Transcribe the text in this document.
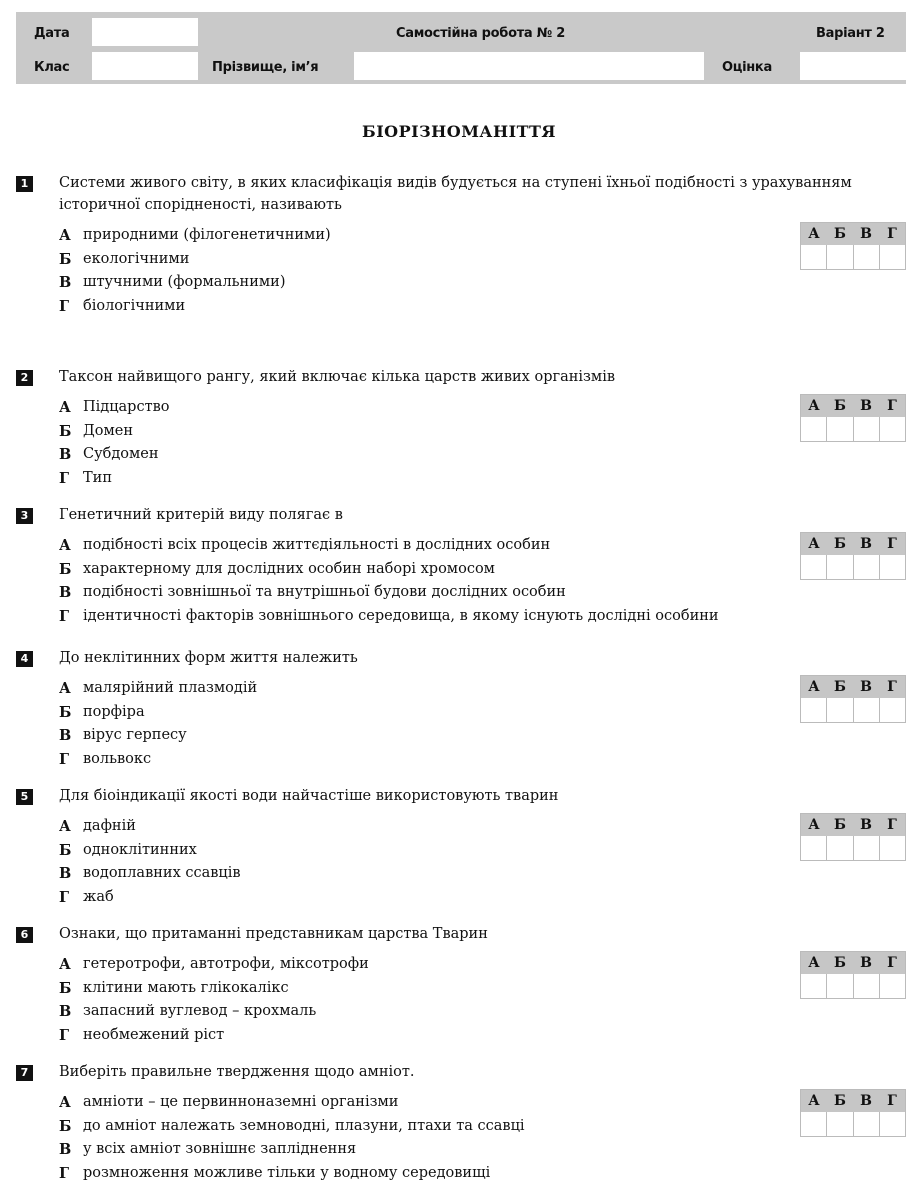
Дата	Самостійна робота № 2	Варіант 2
Клас	Прізвище, ім’я	Оцінка
БІОРІЗНОМАНІТТЯ
1	Системи живого світу, в яких класифікація видів будується на ступені їхньої подібності з урахуванням історичної спорідненості, називають
А природними (філогенетичними)
Б екологічними
В штучними (формальними)
Г біологічними
А	Б	В	Г
2	Таксон найвищого рангу, який включає кілька царств живих організмів
А Підцарство
Б Домен
В Субдомен
Г Тип
А	Б	В	Г
3	Генетичний критерій виду полягає в
А подібності всіх процесів життєдіяльності в дослідних особин
Б характерному для дослідних особин наборі хромосом
В подібності зовнішньої та внутрішньої будови дослідних особин
Г ідентичності факторів зовнішнього середовища, в якому існують дослідні особини
А	Б	В	Г
4	До неклітинних форм життя належить
А малярійний плазмодій
Б порфіра
В вірус герпесу
Г вольвокс
А	Б	В	Г
5	Для біоіндикації якості води найчастіше використовують тварин
А дафній
Б одноклітинних
В водоплавних ссавців
Г жаб
А	Б	В	Г
6	Ознаки, що притаманні представникам царства Тварин
А гетеротрофи, автотрофи, міксотрофи
Б клітини мають глікокалікс
В запасний вуглевод – крохмаль
Г необмежений ріст
А	Б	В	Г
7	Виберіть правильне твердження щодо амніот.
А амніоти – це первинноназемні організми
Б до амніот належать земноводні, плазуни, птахи та ссавці
В у всіх амніот зовнішнє запліднення
Г розмноження можливе тільки у водному середовищі
А	Б	В	Г
